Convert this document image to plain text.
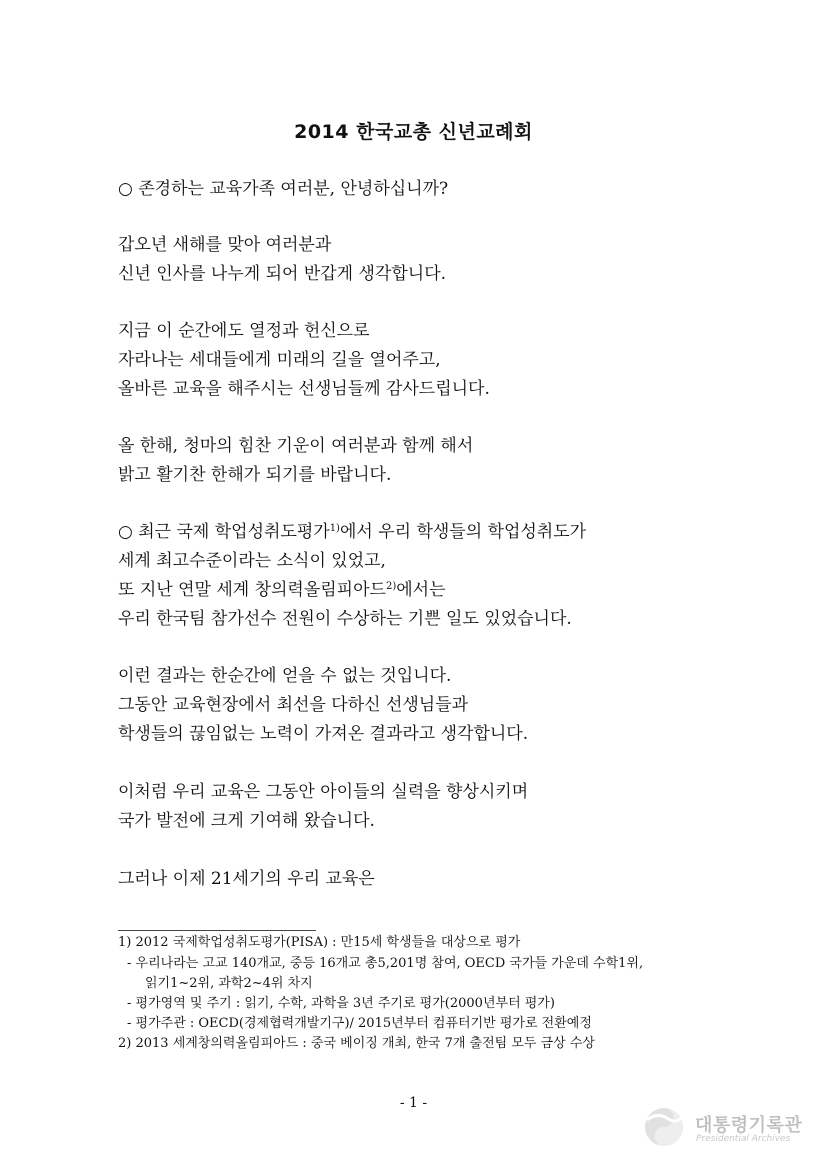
2014 한국교총 신년교례회
○ 존경하는 교육가족 여러분, 안녕하십니까?
갑오년 새해를 맞아 여러분과
신년 인사를 나누게 되어 반갑게 생각합니다.
지금 이 순간에도 열정과 헌신으로
자라나는 세대들에게 미래의 길을 열어주고,
올바른 교육을 해주시는 선생님들께 감사드립니다.
올 한해, 청마의 힘찬 기운이 여러분과 함께 해서
밝고 활기찬 한해가 되기를 바랍니다.
○ 최근 국제 학업성취도평가$^{1)}$에서 우리 학생들의 학업성취도가
세계 최고수준이라는 소식이 있었고,
또 지난 연말 세계 창의력올림피아드$^{2)}$에서는
우리 한국팀 참가선수 전원이 수상하는 기쁜 일도 있었습니다.
이런 결과는 한순간에 얻을 수 없는 것입니다.
그동안 교육현장에서 최선을 다하신 선생님들과
학생들의 끊임없는 노력이 가져온 결과라고 생각합니다.
이처럼 우리 교육은 그동안 아이들의 실력을 향상시키며
국가 발전에 크게 기여해 왔습니다.
그러나 이제 21세기의 우리 교육은
1) 2012 국제학업성취도평가(PISA) : 만15세 학생들을 대상으로 평가
- 우리나라는 고교 140개교, 중등 16개교 총5,201명 참여, OECD 국가들 가운데 수학1위,
읽기1~2위, 과학2~4위 차지
- 평가영역 및 주기 : 읽기, 수학, 과학을 3년 주기로 평가(2000년부터 평가)
- 평가주관 : OECD(경제협력개발기구)/ 2015년부터 컴퓨터기반 평가로 전환예정
2) 2013 세계창의력올림피아드 : 중국 베이징 개최, 한국 7개 출전팀 모두 금상 수상
- 1 -
대통령기록관
Presidential Archives
